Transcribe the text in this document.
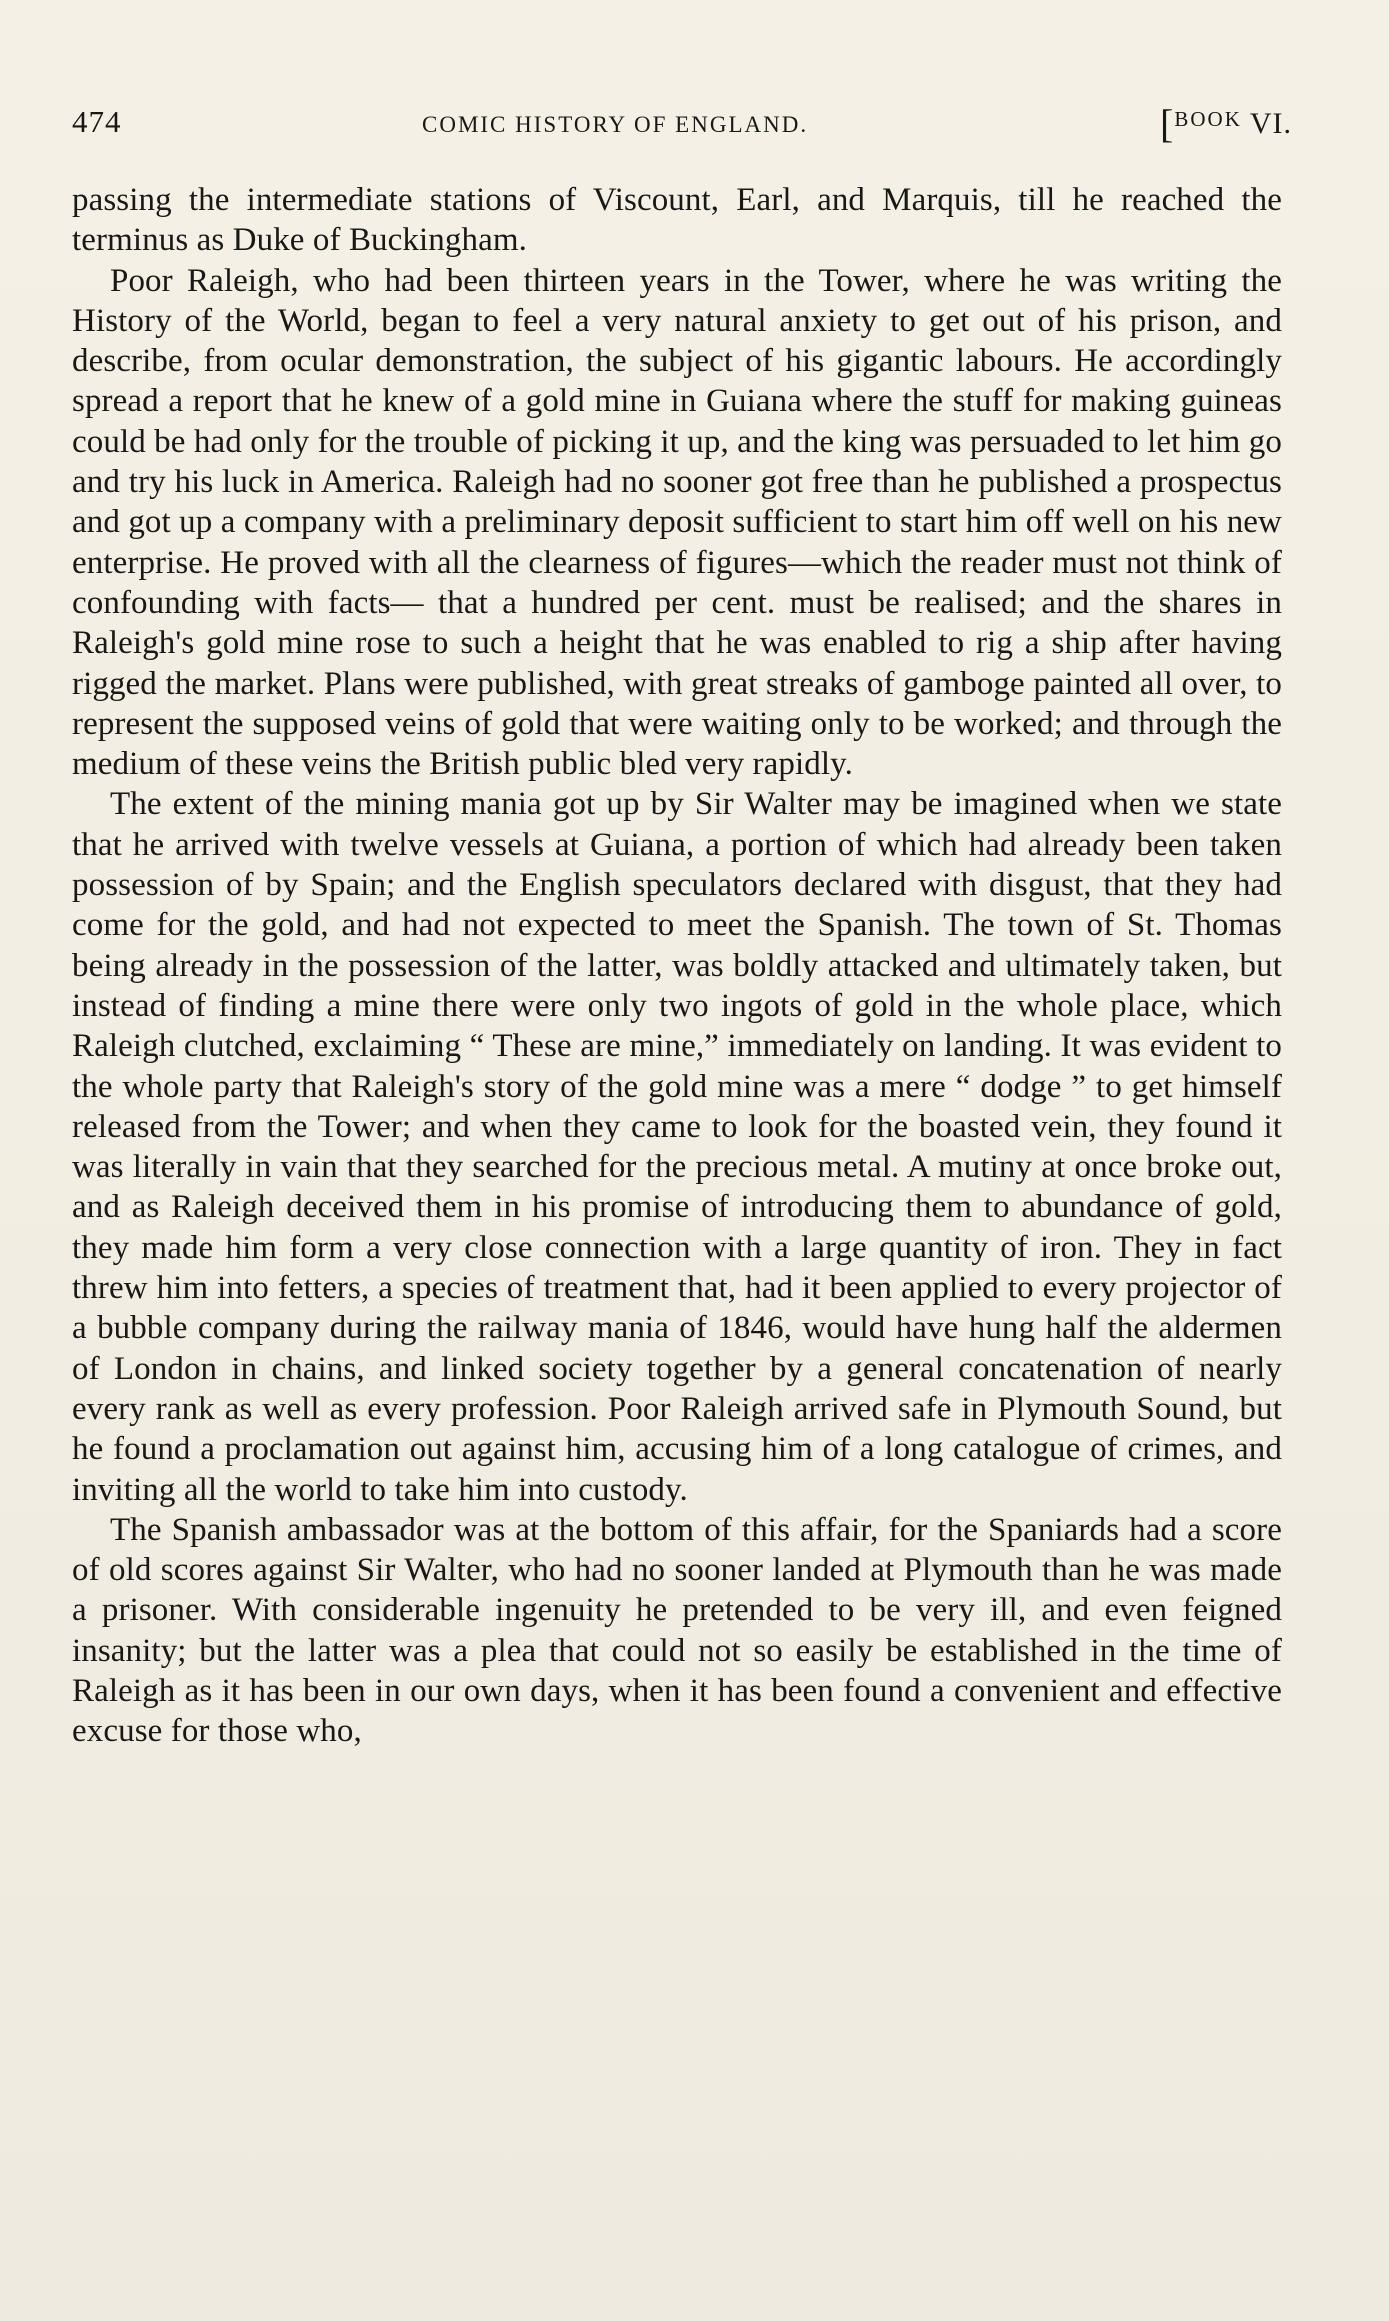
474	COMIC HISTORY OF ENGLAND.	[$^{BOOK}$ VI.

passing the intermediate stations of Viscount, Earl, and Marquis, till he reached the terminus as Duke of Buckingham.

Poor Raleigh, who had been thirteen years in the Tower, where he was writing the History of the World, began to feel a very natural anxiety to get out of his prison, and describe, from ocular demonstration, the subject of his gigantic labours. He accordingly spread a report that he knew of a gold mine in Guiana where the stuff for making guineas could be had only for the trouble of picking it up, and the king was persuaded to let him go and try his luck in America. Raleigh had no sooner got free than he published a prospectus and got up a company with a preliminary deposit sufficient to start him off well on his new enterprise. He proved with all the clearness of figures—which the reader must not think of confounding with facts— that a hundred per cent. must be realised; and the shares in Raleigh's gold mine rose to such a height that he was enabled to rig a ship after having rigged the market. Plans were published, with great streaks of gamboge painted all over, to represent the supposed veins of gold that were waiting only to be worked; and through the medium of these veins the British public bled very rapidly.

The extent of the mining mania got up by Sir Walter may be imagined when we state that he arrived with twelve vessels at Guiana, a portion of which had already been taken possession of by Spain; and the English speculators declared with disgust, that they had come for the gold, and had not expected to meet the Spanish. The town of St. Thomas being already in the possession of the latter, was boldly attacked and ultimately taken, but instead of finding a mine there were only two ingots of gold in the whole place, which Raleigh clutched, exclaiming “ These are mine,” immediately on landing. It was evident to the whole party that Raleigh's story of the gold mine was a mere “ dodge ” to get himself released from the Tower; and when they came to look for the boasted vein, they found it was literally in vain that they searched for the precious metal. A mutiny at once broke out, and as Raleigh deceived them in his promise of introducing them to abundance of gold, they made him form a very close connection with a large quantity of iron. They in fact threw him into fetters, a species of treatment that, had it been applied to every projector of a bubble company during the railway mania of 1846, would have hung half the aldermen of London in chains, and linked society together by a general concatenation of nearly every rank as well as every profession. Poor Raleigh arrived safe in Plymouth Sound, but he found a proclamation out against him, accusing him of a long catalogue of crimes, and inviting all the world to take him into custody.

The Spanish ambassador was at the bottom of this affair, for the Spaniards had a score of old scores against Sir Walter, who had no sooner landed at Plymouth than he was made a prisoner. With considerable ingenuity he pretended to be very ill, and even feigned insanity; but the latter was a plea that could not so easily be established in the time of Raleigh as it has been in our own days, when it has been found a convenient and effective excuse for those who,
